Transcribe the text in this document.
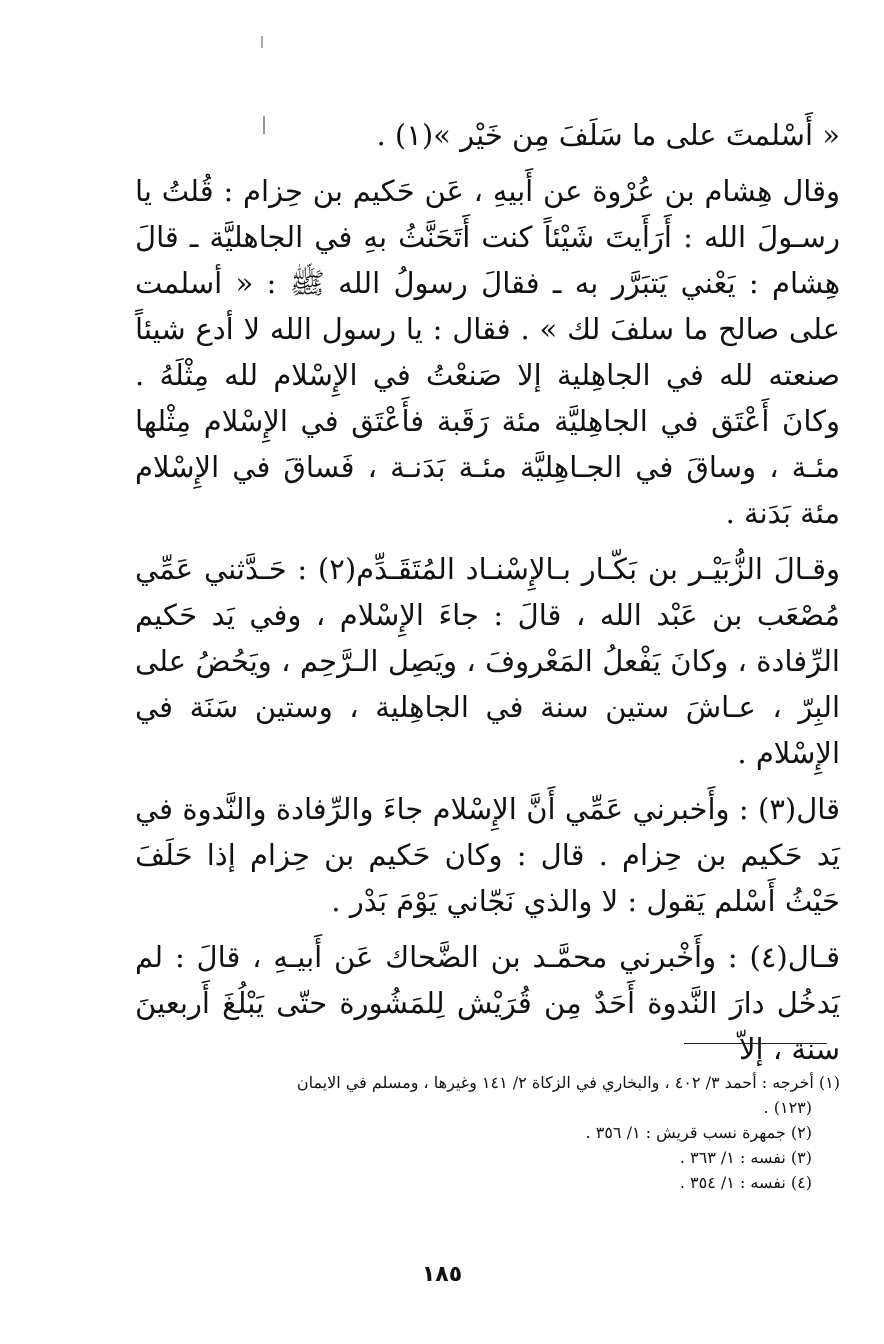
« أَسْلمتَ على ما سَلَفَ مِن خَيْر »(١) .

وقال هِشام بن عُرْوة عن أَبيهِ ، عَن حَكيم بن حِزام : قُلتُ يا رسـولَ الله : أَرَأَيتَ شَيْئاً كنت أَتَحَنَّثُ بهِ في الجاهليَّة ـ قالَ هِشام : يَعْني يَتبَرَّر به ـ فقالَ رسولُ الله ﷺ : « أسلمت على صالح ما سلفَ لك » . فقال : يا رسول الله لا أدع شيئاً صنعته لله في الجاهِلية إلا صَنعْتُ في الإِسْلام لله مِثْلَهُ . وكانَ أَعْتَق في الجاهِليَّة مئة رَقَبة فأَعْتَق في الإِسْلام مِثْلها مئـة ، وساقَ في الجـاهِليَّة مئـة بَدَنـة ، فَساقَ في الإِسْلام مئة بَدَنة .

وقـالَ الزُّبَيْـر بن بَكّـار بـالإِسْنـاد المُتَقَـدِّم(٢) : حَـدَّثني عَمِّي مُصْعَب بن عَبْد الله ، قالَ : جاءَ الإِسْلام ، وفي يَد حَكيم الرِّفادة ، وكانَ يَفْعلُ المَعْروفَ ، ويَصِل الـرَّحِم ، ويَحُضُ على البِرّ ، عـاشَ ستين سنة في الجاهِلية ، وستين سَنَة في الإِسْلام .

قال(٣) : وأَخبرني عَمِّي أَنَّ الإِسْلام جاءَ والرِّفادة والنَّدوة في يَد حَكيم بن حِزام . قال : وكان حَكيم بن حِزام إذا حَلَفَ حَيْثُ أَسْلم يَقول : لا والذي نَجّاني يَوْمَ بَدْر .

قـال(٤) : وأَخْبرني محمَّـد بن الضَّحاك عَن أَبيـهِ ، قالَ : لم يَدخُل دارَ النَّدوة أَحَدٌ مِن قُرَيْش لِلمَشُورة حتّى يَبْلُغَ أَربعينَ سنة ، إلاّ

(١) أخرجه : أحمد ٣/ ٤٠٢ ، والبخاري في الزكاة ٢/ ١٤١ وغيرها ، ومسلم في الايمان

(١٢٣) .

(٢) جمهرة نسب قريش : ١/ ٣٥٦ .

(٣) نفسه : ١/ ٣٦٣ .

(٤) نفسه : ١/ ٣٥٤ .

١٨٥
